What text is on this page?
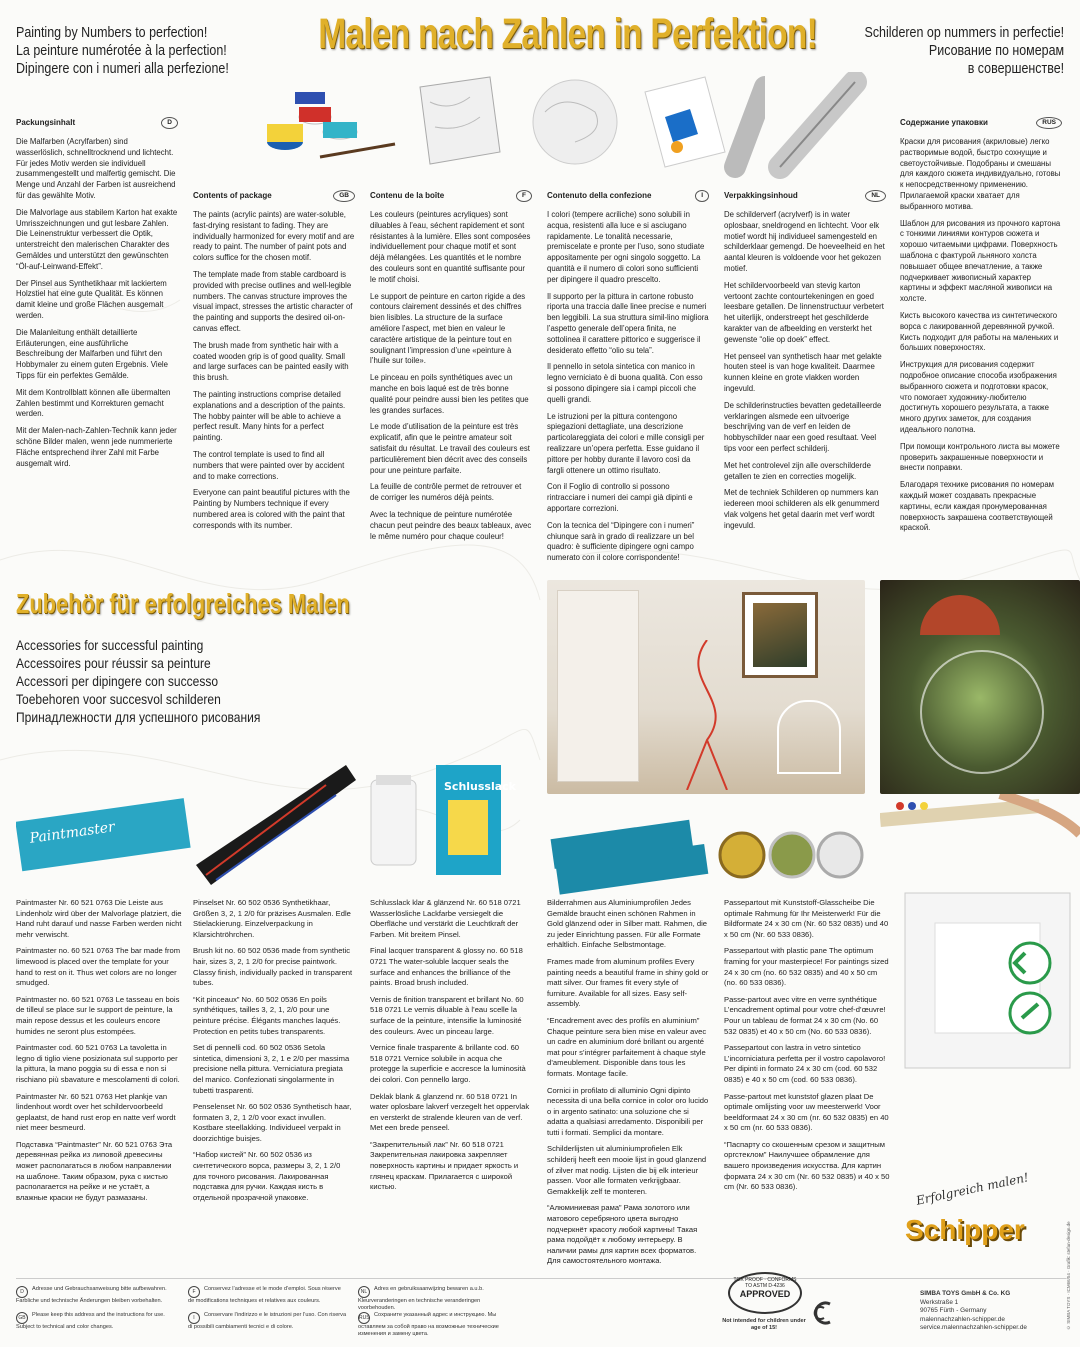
Painting by Numbers to perfection!
La peinture numérotée à la perfection!
Dipingere con i numeri alla perfezione!
Malen nach Zahlen in Perfektion!	Schilderen op nummers in perfectie!
Рисование по номерам
в совершенстве!
Packungsinhalt	D

Die Malfarben (Acrylfarben) sind wasserlöslich, schnelltrocknend und lichtecht. Für jedes Motiv werden sie individuell zusammengestellt und malfertig gemischt. Die Menge und Anzahl der Farben ist ausreichend für das gewählte Motiv.

Die Malvorlage aus stabilem Karton hat exakte Umrisszeichnungen und gut lesbare Zahlen. Die Leinenstruktur verbessert die Optik, unterstreicht den malerischen Charakter des Gemäldes und unterstützt den gewünschten “Öl-auf-Leinwand-Effekt”.

Der Pinsel aus Synthetikhaar mit lackiertem Holzstiel hat eine gute Qualität. Es können damit kleine und große Flächen ausgemalt werden.

Die Malanleitung enthält detaillierte Erläuterungen, eine ausführliche Beschreibung der Malfarben und führt den Hobbymaler zu einem guten Ergebnis. Viele Tipps für ein perfektes Gemälde.

Mit dem Kontrollblatt können alle übermalten Zahlen bestimmt und Korrekturen gemacht werden.

Mit der Malen-nach-Zahlen-Technik kann jeder schöne Bilder malen, wenn jede nummerierte Fläche entsprechend ihrer Zahl mit Farbe ausgemalt wird.

Contents of package	GB

The paints (acrylic paints) are water-soluble, fast-drying resistant to fading. They are individually harmonized for every motif and are ready to paint. The number of paint pots and colors suffice for the chosen motif.

The template made from stable cardboard is provided with precise outlines and well-legible numbers. The canvas structure improves the visual impact, stresses the artistic character of the painting and supports the desired oil-on-canvas effect.

The brush made from synthetic hair with a coated wooden grip is of good quality. Small and large surfaces can be painted easily with this brush.

The painting instructions comprise detailed explanations and a description of the paints. The hobby painter will be able to achieve a perfect result. Many hints for a perfect painting.

The control template is used to find all numbers that were painted over by accident and to make corrections.

Everyone can paint beautiful pictures with the Painting by Numbers technique if every numbered area is colored with the paint that corresponds with its number.

Contenu de la boîte	F

Les couleurs (peintures acryliques) sont diluables à l’eau, séchent rapidement et sont résistantes à la lumière. Elles sont composées individuellement pour chaque motif et sont déjà mélangées. Les quantités et le nombre des couleurs sont en quantité suffisante pour le motif choisi.

Le support de peinture en carton rigide a des contours clairement dessinés et des chiffres bien lisibles. La structure de la surface améliore l’aspect, met bien en valeur le caractère artistique de la peinture tout en soulignant l’impression d’une «peinture à l’huile sur toile».

Le pinceau en poils synthétiques avec un manche en bois laqué est de très bonne qualité pour peindre aussi bien les petites que les grandes surfaces.

Le mode d’utilisation de la peinture est très explicatif, afin que le peintre amateur soit satisfait du résultat. Le travail des couleurs est particulièrement bien décrit avec des conseils pour une peinture parfaite.

La feuille de contrôle permet de retrouver et de corriger les numéros déjà peints.

Avec la technique de peinture numérotée chacun peut peindre des beaux tableaux, avec le même numéro pour chaque couleur!

Contenuto della confezione	I

I colori (tempere acriliche) sono solubili in acqua, resistenti alla luce e si asciugano rapidamente. Le tonalità necessarie, premiscelate e pronte per l’uso, sono studiate appositamente per ogni singolo soggetto. La quantità e il numero di colori sono sufficienti per dipingere il quadro prescelto.

Il supporto per la pittura in cartone robusto riporta una traccia dalle linee precise e numeri ben leggibili. La sua struttura simil-lino migliora l’aspetto generale dell’opera finita, ne sottolinea il carattere pittorico e suggerisce il desiderato effetto “olio su tela”.

Il pennello in setola sintetica con manico in legno verniciato è di buona qualità. Con esso si possono dipingere sia i campi piccoli che quelli grandi.

Le istruzioni per la pittura contengono spiegazioni dettagliate, una descrizione particolareggiata dei colori e mille consigli per realizzare un’opera perfetta. Esse guidano il pittore per hobby durante il lavoro così da fargli ottenere un ottimo risultato.

Con il Foglio di controllo si possono rintracciare i numeri dei campi già dipinti e apportare correzioni.

Con la tecnica del “Dipingere con i numeri” chiunque sarà in grado di realizzare un bel quadro: è sufficiente dipingere ogni campo numerato con il colore corrispondente!

Verpakkingsinhoud	NL

De schilderverf (acrylverf) is in water oplosbaar, sneldrogend en lichtecht. Voor elk motief wordt hij individueel samengesteld en schilderklaar gemengd. De hoeveelheid en het aantal kleuren is voldoende voor het gekozen motief.

Het schildervoorbeeld van stevig karton vertoont zachte contourtekeningen en goed leesbare getallen. De linnenstructuur verbetert het uiterlijk, onderstreept het geschilderde karakter van de afbeelding en versterkt het gewenste “olie op doek” effect.

Het penseel van synthetisch haar met gelakte houten steel is van hoge kwaliteit. Daarmee kunnen kleine en grote vlakken worden ingevuld.

De schilderinstructies bevatten gedetailleerde verklaringen alsmede een uitvoerige beschrijving van de verf en leiden de hobbyschilder naar een goed resultaat. Veel tips voor een perfect schilderij.

Met het controlevel zijn alle overschilderde getallen te zien en correcties mogelijk.

Met de techniek Schilderen op nummers kan iedereen mooi schilderen als elk genummerd vlak volgens het getal daarin met verf wordt ingevuld.

Содержание упаковки	RUS

Краски для рисования (акриловые) легко растворимые водой, быстро сохнущие и светоустойчивые. Подобраны и смешаны для каждого сюжета индивидуально, готовы к непосредственному применению. Прилагаемой краски хватает для выбранного мотива.

Шаблон для рисования из прочного картона с тонкими линиями контуров сюжета и хорошо читаемыми цифрами. Поверхность шаблона с фактурой льняного холста повышает общее впечатление, а также подчеркивает живописный характер картины и эффект масляной живописи на холсте.

Кисть высокого качества из синтетического ворса с лакированной деревянной ручкой. Кисть подходит для работы на маленьких и больших поверхностях.

Инструкция для рисования содержит подробное описание способа изображения выбранного сюжета и подготовки красок, что помогает художнику-любителю достигнуть хорошего результата, а также много других заметок, для создания идеального полотна.

При помощи контрольного листа вы можете проверить закрашенные поверхности и внести поправки.

Благодаря технике рисования по номерам каждый может создавать прекрасные картины, если каждая пронумерованная поверхность закрашена соответствующей краской.

Zubehör für erfolgreiches Malen
Accessories for successful painting
Accessoires pour réussir sa peinture
Accessori per dipingere con successo
Toebehoren voor succesvol schilderen
Принадлежности для успешного рисования
Paintmaster
Schlusslack

Paintmaster Nr. 60 521 0763 Die Leiste aus Lindenholz wird über der Malvorlage platziert, die Hand ruht darauf und nasse Farben werden nicht mehr verwischt.

Paintmaster no. 60 521 0763 The bar made from limewood is placed over the template for your hand to rest on it. Thus wet colors are no longer smudged.

Paintmaster no. 60 521 0763 Le tasseau en bois de tilleul se place sur le support de peinture, la main repose dessus et les couleurs encore humides ne seront plus estompées.

Paintmaster cod. 60 521 0763 La tavoletta in legno di tiglio viene posizionata sul supporto per la pittura, la mano poggia su di essa e non si rischiano più sbavature e mescolamenti di colori.

Paintmaster Nr. 60 521 0763 Het plankje van lindenhout wordt over het schildervoorbeeld geplaatst, de hand rust erop en natte verf wordt niet meer besmeurd.

Подставка “Paintmaster” Nr. 60 521 0763 Эта деревянная рейка из липовой древесины может располагаться в любом направлении на шаблоне. Таким образом, рука с кистью располагается на рейке и не устаёт, а влажные краски не будут размазаны.

Pinselset Nr. 60 502 0536 Synthetikhaar, Größen 3, 2, 1 2/0 für präzises Ausmalen. Edle Stielackierung. Einzelverpackung in Klarsichtröhrchen.

Brush kit no. 60 502 0536 made from synthetic hair, sizes 3, 2, 1 2/0 for precise paintwork. Classy finish, individually packed in transparent tubes.

“Kit pinceaux” No. 60 502 0536 En poils synthétiques, tailles 3, 2, 1, 2/0 pour une peinture précise. Élégants manches laqués. Protection en petits tubes transparents.

Set di pennelli cod. 60 502 0536 Setola sintetica, dimensioni 3, 2, 1 e 2/0 per massima precisione nella pittura. Verniciatura pregiata del manico. Confezionati singolarmente in tubetti trasparenti.

Penselenset Nr. 60 502 0536 Synthetisch haar, formaten 3, 2, 1 2/0 voor exact invullen. Kostbare steellakking. Individueel verpakt in doorzichtige buisjes.

“Набор кистей” Nr. 60 502 0536 из синтетического ворса, размеры 3, 2, 1 2/0 для точного рисования. Лакированная подставка для ручки. Каждая кисть в отдельной прозрачной упаковке.

Schlusslack klar & glänzend Nr. 60 518 0721 Wasserlösliche Lackfarbe versiegelt die Oberfläche und verstärkt die Leuchtkraft der Farben. Mit breitem Pinsel.

Final lacquer transparent & glossy no. 60 518 0721 The water-soluble lacquer seals the surface and enhances the brilliance of the paints. Broad brush included.

Vernis de finition transparent et brillant No. 60 518 0721 Le vernis diluable à l’eau scelle la surface de la peinture, intensifie la luminosité des couleurs. Avec un pinceau large.

Vernice finale trasparente & brillante cod. 60 518 0721 Vernice solubile in acqua che protegge la superficie e accresce la luminosità dei colori. Con pennello largo.

Deklak blank & glanzend nr. 60 518 0721 In water oplosbare lakverf verzegelt het oppervlak en versterkt de stralende kleuren van de verf. Met een brede penseel.

“Закрепительный лак” Nr. 60 518 0721 Закрепительная лакировка закрепляет поверхность картины и придает яркость и глянец краскам. Прилагается с широкой кистью.

Bilderrahmen aus Aluminiumprofilen Jedes Gemälde braucht einen schönen Rahmen in Gold glänzend oder in Silber matt. Rahmen, die zu jeder Einrichtung passen. Für alle Formate erhältlich. Einfache Selbstmontage.

Frames made from aluminum profiles Every painting needs a beautiful frame in shiny gold or matt silver. Our frames fit every style of furniture. Available for all sizes. Easy self-assembly.

“Encadrement avec des profils en aluminium” Chaque peinture sera bien mise en valeur avec un cadre en aluminium doré brillant ou argenté mat pour s’intégrer parfaitement à chaque style d’ameublement. Disponible dans tous les formats. Montage facile.

Cornici in profilato di alluminio Ogni dipinto necessita di una bella cornice in color oro lucido o in argento satinato: una soluzione che si adatta a qualsiasi arredamento. Disponibili per tutti i formati. Semplici da montare.

Schilderlijsten uit aluminiumprofielen Elk schilderij heeft een mooie lijst in goud glanzend of zilver mat nodig. Lijsten die bij elk interieur passen. Voor alle formaten verkrijgbaar. Gemakkelijk zelf te monteren.

“Алюминиевая рама” Рама золотого или матового серебряного цвета выгодно подчеркнёт красоту любой картины! Такая рама подойдёт к любому интерьеру. В наличии рамы для картин всех форматов. Для самостоятельного монтажа.

Passepartout mit Kunststoff-Glasscheibe Die optimale Rahmung für Ihr Meisterwerk! Für die Bildformate 24 x 30 cm (Nr. 60 532 0835) und 40 x 50 cm (Nr. 60 533 0836).

Passepartout with plastic pane The optimum framing for your masterpiece! For paintings sized 24 x 30 cm (no. 60 532 0835) and 40 x 50 cm (no. 60 533 0836).

Passe-partout avec vitre en verre synthétique L’encadrement optimal pour votre chef-d’œuvre! Pour un tableau de format 24 x 30 cm (No. 60 532 0835) et 40 x 50 cm (No. 60 533 0836).

Passepartout con lastra in vetro sintetico L’incorniciatura perfetta per il vostro capolavoro! Per dipinti in formato 24 x 30 cm (cod. 60 532 0835) e 40 x 50 cm (cod. 60 533 0836).

Passe-partout met kunststof glazen plaat De optimale omlijsting voor uw meesterwerk! Voor beeldformaat 24 x 30 cm (nr. 60 532 0835) en 40 x 50 cm (nr. 60 533 0836).

“Паспарту со скошенным срезом и защитным оргстеклом” Наилучшее обрамление для вашего произведения искусства. Для картин формата 24 x 30 cm (Nr. 60 532 0835) и 40 x 50 cm (Nr. 60 533 0836).	Erfolgreich malen!
Schipper
D Adresse und Gebrauchsanweisung bitte aufbewahren. Farbliche und technische Änderungen bleiben vorbehalten.
GB Please keep this address and the instructions for use. Subject to technical and color changes.
F Conservez l’adresse et le mode d’emploi. Sous réserve de modifications techniques et relatives aux couleurs.
I Conservare l’indirizzo e le istruzioni per l’uso. Con riserva di possibili cambiamenti tecnici e di colore.
NL Adres en gebruiksaanwijzing bewaren a.u.b. Kleurveranderingen en technische veranderingen voorbehouden.
RUS Сохраните указанный адрес и инструкцию. Мы оставляем за собой право на возможные технические изменения и замену цвета.
TOX PROOF · CONFORMS TO ASTM D-4236
APPROVED
Not intended for children under age of 15!
SIMBA TOYS GmbH & Co. KG
Werkstraße 1
90765 Fürth - Germany
malennachzahlen-schipper.de
service.malennachzahlen-schipper.de	© SIMBA TOYS · ICM66/54 · Grafik: stefan-design.de
